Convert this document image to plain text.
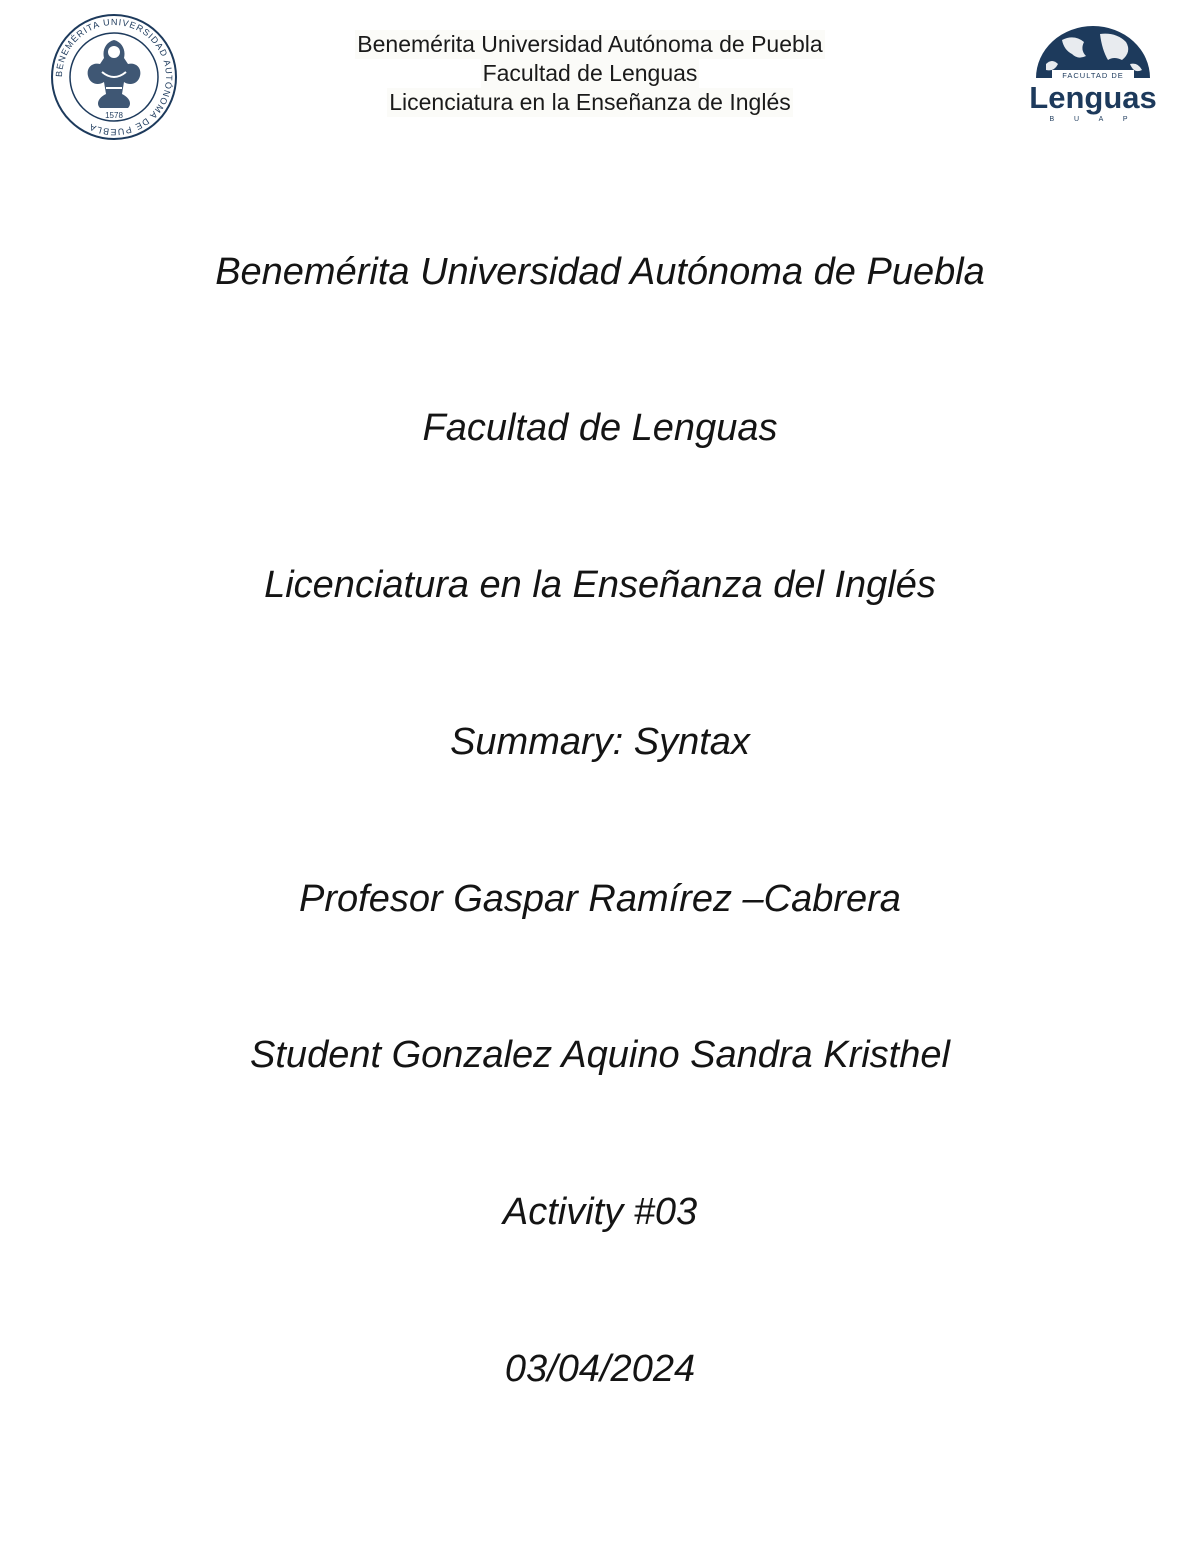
BENEMÉRITA UNIVERSIDAD AUTÓNOMA DE PUEBLA
1578
Benemérita Universidad Autónoma de Puebla
Facultad de Lenguas
Licenciatura en la Enseñanza de Inglés
FACULTAD DE
Lenguas
B U A P
Benemérita Universidad Autónoma de Puebla
Facultad de Lenguas
Licenciatura en la Enseñanza del Inglés
Summary: Syntax
Profesor Gaspar Ramírez –Cabrera
Student Gonzalez Aquino Sandra Kristhel
Activity #03
03/04/2024
